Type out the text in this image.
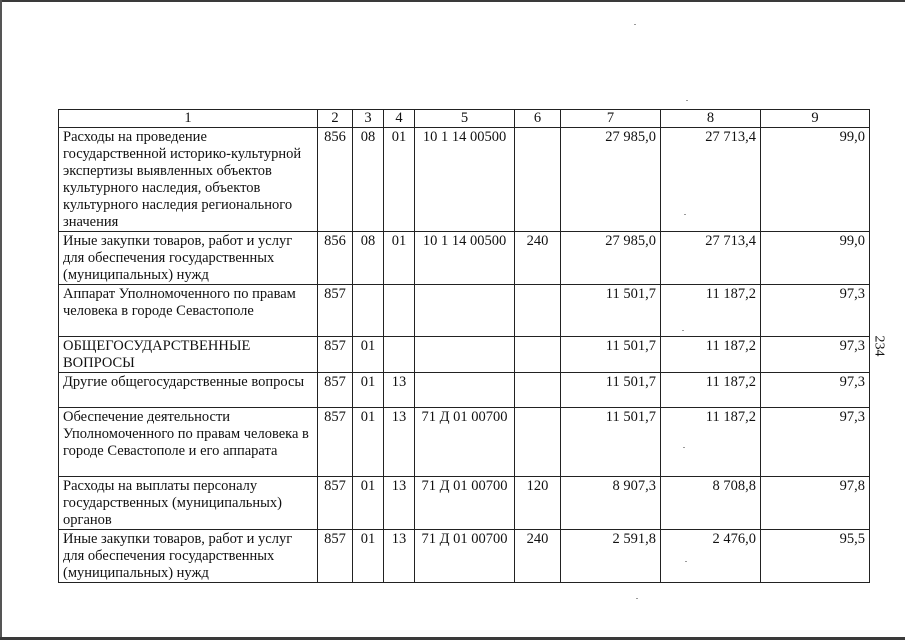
1	2	3	4	5	6	7	8	9
Расходы на проведение государственной историко-культурной экспертизы выявленных объектов культурного наследия, объектов культурного наследия регионального значения	856	08	01	10 1 14 00500		27 985,0	27 713,4	99,0
Иные закупки товаров, работ и услуг для обеспечения государственных (муниципальных) нужд	856	08	01	10 1 14 00500	240	27 985,0	27 713,4	99,0
Аппарат Уполномоченного по правам человека в городе Севастополе	857					11 501,7	11 187,2	97,3
ОБЩЕГОСУДАРСТВЕННЫЕ ВОПРОСЫ	857	01				11 501,7	11 187,2	97,3
Другие общегосударственные вопросы	857	01	13			11 501,7	11 187,2	97,3
Обеспечение деятельности Уполномоченного по правам человека в городе Севастополе и его аппарата	857	01	13	71 Д 01 00700		11 501,7	11 187,2	97,3
Расходы на выплаты персоналу государственных (муниципальных) органов	857	01	13	71 Д 01 00700	120	8 907,3	8 708,8	97,8
Иные закупки товаров, работ и услуг для обеспечения государственных (муниципальных) нужд	857	01	13	71 Д 01 00700	240	2 591,8	2 476,0	95,5
234
